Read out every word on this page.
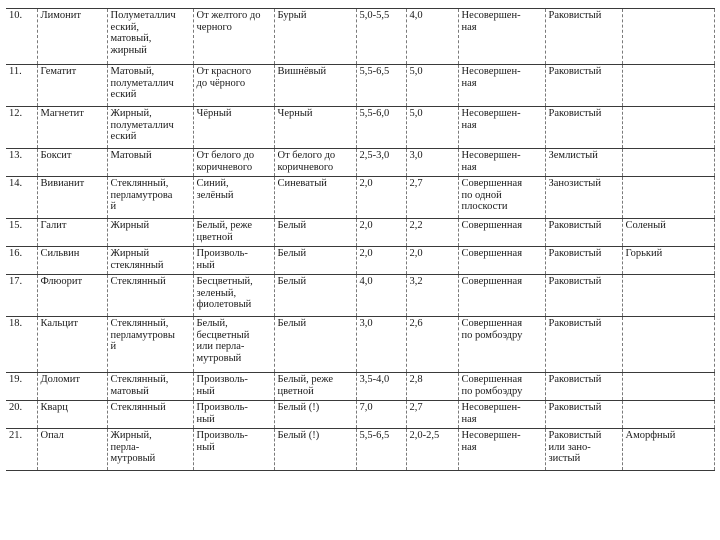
10.	Лимонит	Полуметаллич
еский,
матовый,
жирный	От желтого до
черного	Бурый	5,0-5,5	4,0	Несовершен-
ная	Раковистый	
11.	Гематит	Матовый,
полуметаллич
еский	От красного
до чёрного	Вишнёвый	5,5-6,5	5,0	Несовершен-
ная	Раковистый	
12.	Магнетит	Жирный,
полуметаллич
еский	Чёрный	Черный	5,5-6,0	5,0	Несовершен-
ная	Раковистый	
13.	Боксит	Матовый	От белого до
коричневого	От белого до
коричневого	2,5-3,0	3,0	Несовершен-
ная	Землистый	
14.	Вивианит	Стеклянный,
перламутрова
й	Синий,
зелёный	Синеватый	2,0	2,7	Совершенная
по одной
плоскости	Занозистый	
15.	Галит	Жирный	Белый, реже
цветной	Белый	2,0	2,2	Совершенная	Раковистый	Соленый
16.	Сильвин	Жирный
стеклянный	Произволь-
ный	Белый	2,0	2,0	Совершенная	Раковистый	Горький
17.	Флюорит	Стеклянный	Бесцветный,
зеленый,
фиолетовый	Белый	4,0	3,2	Совершенная	Раковистый	
18.	Кальцит	Стеклянный,
перламутровы
й	Белый,
бесцветный
или перла-
мутровый	Белый	3,0	2,6	Совершенная
по ромбоэдру	Раковистый	
19.	Доломит	Стеклянный,
матовый	Произволь-
ный	Белый, реже
цветной	3,5-4,0	2,8	Совершенная
по ромбоэдру	Раковистый	
20.	Кварц	Стеклянный	Произволь-
ный	Белый (!)	7,0	2,7	Несовершен-
ная	Раковистый	
21.	Опал	Жирный,
перла-
мутровый	Произволь-
ный	Белый (!)	5,5-6,5	2,0-2,5	Несовершен-
ная	Раковистый
или зано-
зистый	Аморфный
